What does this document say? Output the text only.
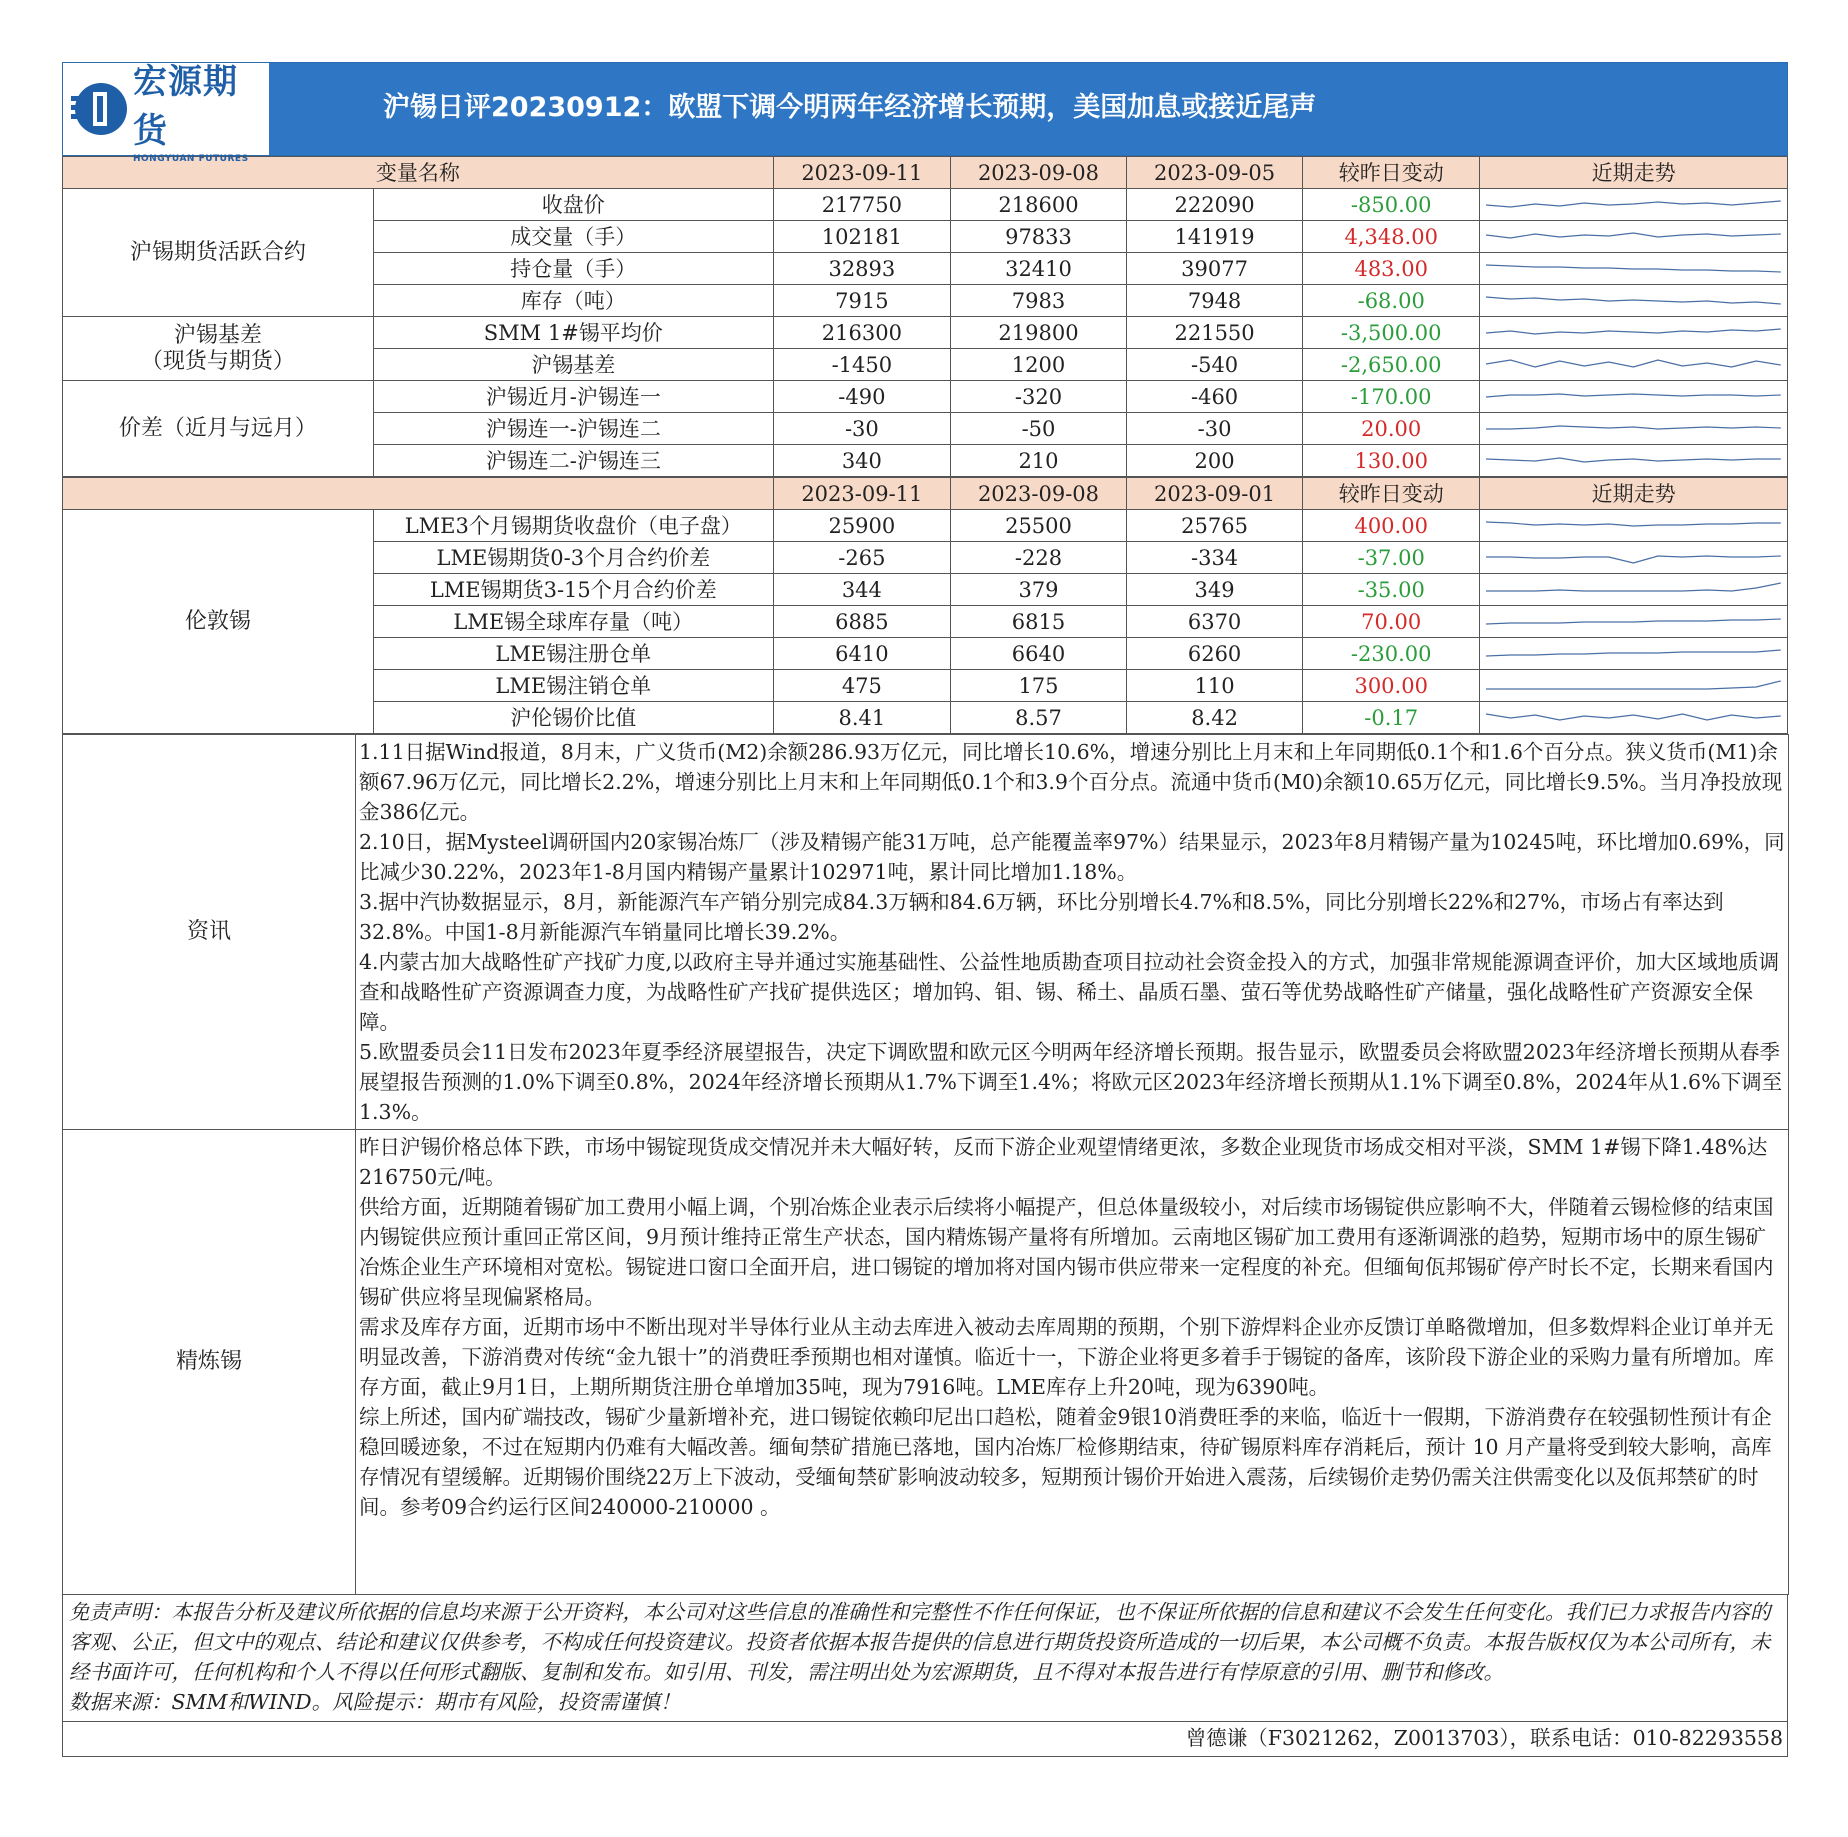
宏源期货
HONGYUAN FUTURES
沪锡日评20230912：欧盟下调今明两年经济增长预期，美国加息或接近尾声
变量名称		2023-09-11	2023-09-08	2023-09-05	较昨日变动	近期走势
沪锡期货活跃合约	收盘价	217750	218600	222090	-850.00	

	成交量（手）	102181	97833	141919	4,348.00	

	持仓量（手）	32893	32410	39077	483.00	

	库存（吨）	7915	7983	7948	-68.00	

沪锡基差
（现货与期货）	SMM 1#锡平均价	216300	219800	221550	-3,500.00	

	沪锡基差	-1450	1200	-540	-2,650.00	

价差（近月与远月）	沪锡近月-沪锡连一	-490	-320	-460	-170.00	

	沪锡连一-沪锡连二	-30	-50	-30	20.00	

	沪锡连二-沪锡连三	340	210	200	130.00	
		2023-09-11	2023-09-08	2023-09-01	较昨日变动	近期走势
伦敦锡	LME3个月锡期货收盘价（电子盘）	25900	25500	25765	400.00	

	LME锡期货0-3个月合约价差	-265	-228	-334	-37.00	

	LME锡期货3-15个月合约价差	344	379	349	-35.00	

	LME锡全球库存量（吨）	6885	6815	6370	70.00	

	LME锡注册仓单	6410	6640	6260	-230.00	

	LME锡注销仓单	475	175	110	300.00	

	沪伦锡价比值	8.41	8.57	8.42	-0.17	
资讯	1.11日据Wind报道，8月末，广义货币(M2)余额286.93万亿元，同比增长10.6%，增速分别比上月末和上年同期低0.1个和1.6个百分点。狭义货币(M1)余额67.96万亿元，同比增长2.2%，增速分别比上月末和上年同期低0.1个和3.9个百分点。流通中货币(M0)余额10.65万亿元，同比增长9.5%。当月净投放现金386亿元。

2.10日，据Mysteel调研国内20家锡冶炼厂（涉及精锡产能31万吨，总产能覆盖率97%）结果显示，2023年8月精锡产量为10245吨，环比增加0.69%，同比减少30.22%，2023年1-8月国内精锡产量累计102971吨，累计同比增加1.18%。

3.据中汽协数据显示，8月，新能源汽车产销分别完成84.3万辆和84.6万辆，环比分别增长4.7%和8.5%，同比分别增长22%和27%，市场占有率达到32.8%。中国1-8月新能源汽车销量同比增长39.2%。

4.内蒙古加大战略性矿产找矿力度,以政府主导并通过实施基础性、公益性地质勘查项目拉动社会资金投入的方式，加强非常规能源调查评价，加大区域地质调查和战略性矿产资源调查力度，为战略性矿产找矿提供选区；增加钨、钼、锡、稀土、晶质石墨、萤石等优势战略性矿产储量，强化战略性矿产资源安全保障。

5.欧盟委员会11日发布2023年夏季经济展望报告，决定下调欧盟和欧元区今明两年经济增长预期。报告显示，欧盟委员会将欧盟2023年经济增长预期从春季展望报告预测的1.0%下调至0.8%，2024年经济增长预期从1.7%下调至1.4%；将欧元区2023年经济增长预期从1.1%下调至0.8%，2024年从1.6%下调至1.3%。

精炼锡	昨日沪锡价格总体下跌，市场中锡锭现货成交情况并未大幅好转，反而下游企业观望情绪更浓，多数企业现货市场成交相对平淡，SMM 1#锡下降1.48%达216750元/吨。

供给方面，近期随着锡矿加工费用小幅上调，个别冶炼企业表示后续将小幅提产，但总体量级较小，对后续市场锡锭供应影响不大，伴随着云锡检修的结束国内锡锭供应预计重回正常区间，9月预计维持正常生产状态，国内精炼锡产量将有所增加。云南地区锡矿加工费用有逐渐调涨的趋势，短期市场中的原生锡矿冶炼企业生产环境相对宽松。锡锭进口窗口全面开启，进口锡锭的增加将对国内锡市供应带来一定程度的补充。但缅甸佤邦锡矿停产时长不定，长期来看国内锡矿供应将呈现偏紧格局。

需求及库存方面，近期市场中不断出现对半导体行业从主动去库进入被动去库周期的预期，个别下游焊料企业亦反馈订单略微增加，但多数焊料企业订单并无明显改善，下游消费对传统“金九银十”的消费旺季预期也相对谨慎。临近十一，下游企业将更多着手于锡锭的备库，该阶段下游企业的采购力量有所增加。库存方面，截止9月1日，上期所期货注册仓单增加35吨，现为7916吨。LME库存上升20吨，现为6390吨。

综上所述，国内矿端技改，锡矿少量新增补充，进口锡锭依赖印尼出口趋松，随着金9银10消费旺季的来临，临近十一假期，下游消费存在较强韧性预计有企稳回暖迹象，不过在短期内仍难有大幅改善。缅甸禁矿措施已落地，国内冶炼厂检修期结束，待矿锡原料库存消耗后，预计 10 月产量将受到较大影响，高库存情况有望缓解。近期锡价围绕22万上下波动，受缅甸禁矿影响波动较多，短期预计锡价开始进入震荡，后续锡价走势仍需关注供需变化以及佤邦禁矿的时间。参考09合约运行区间240000-210000 。

免责声明：本报告分析及建议所依据的信息均来源于公开资料，本公司对这些信息的准确性和完整性不作任何保证，也不保证所依据的信息和建议不会发生任何变化。我们已力求报告内容的客观、公正，但文中的观点、结论和建议仅供参考，不构成任何投资建议。投资者依据本报告提供的信息进行期货投资所造成的一切后果，本公司概不负责。本报告版权仅为本公司所有，未经书面许可，任何机构和个人不得以任何形式翻版、复制和发布。如引用、刊发，需注明出处为宏源期货，且不得对本报告进行有悖原意的引用、删节和修改。
数据来源：SMM和WIND。风险提示：期市有风险，投资需谨慎！
曾德谦（F3021262，Z0013703），联系电话：010-82293558
